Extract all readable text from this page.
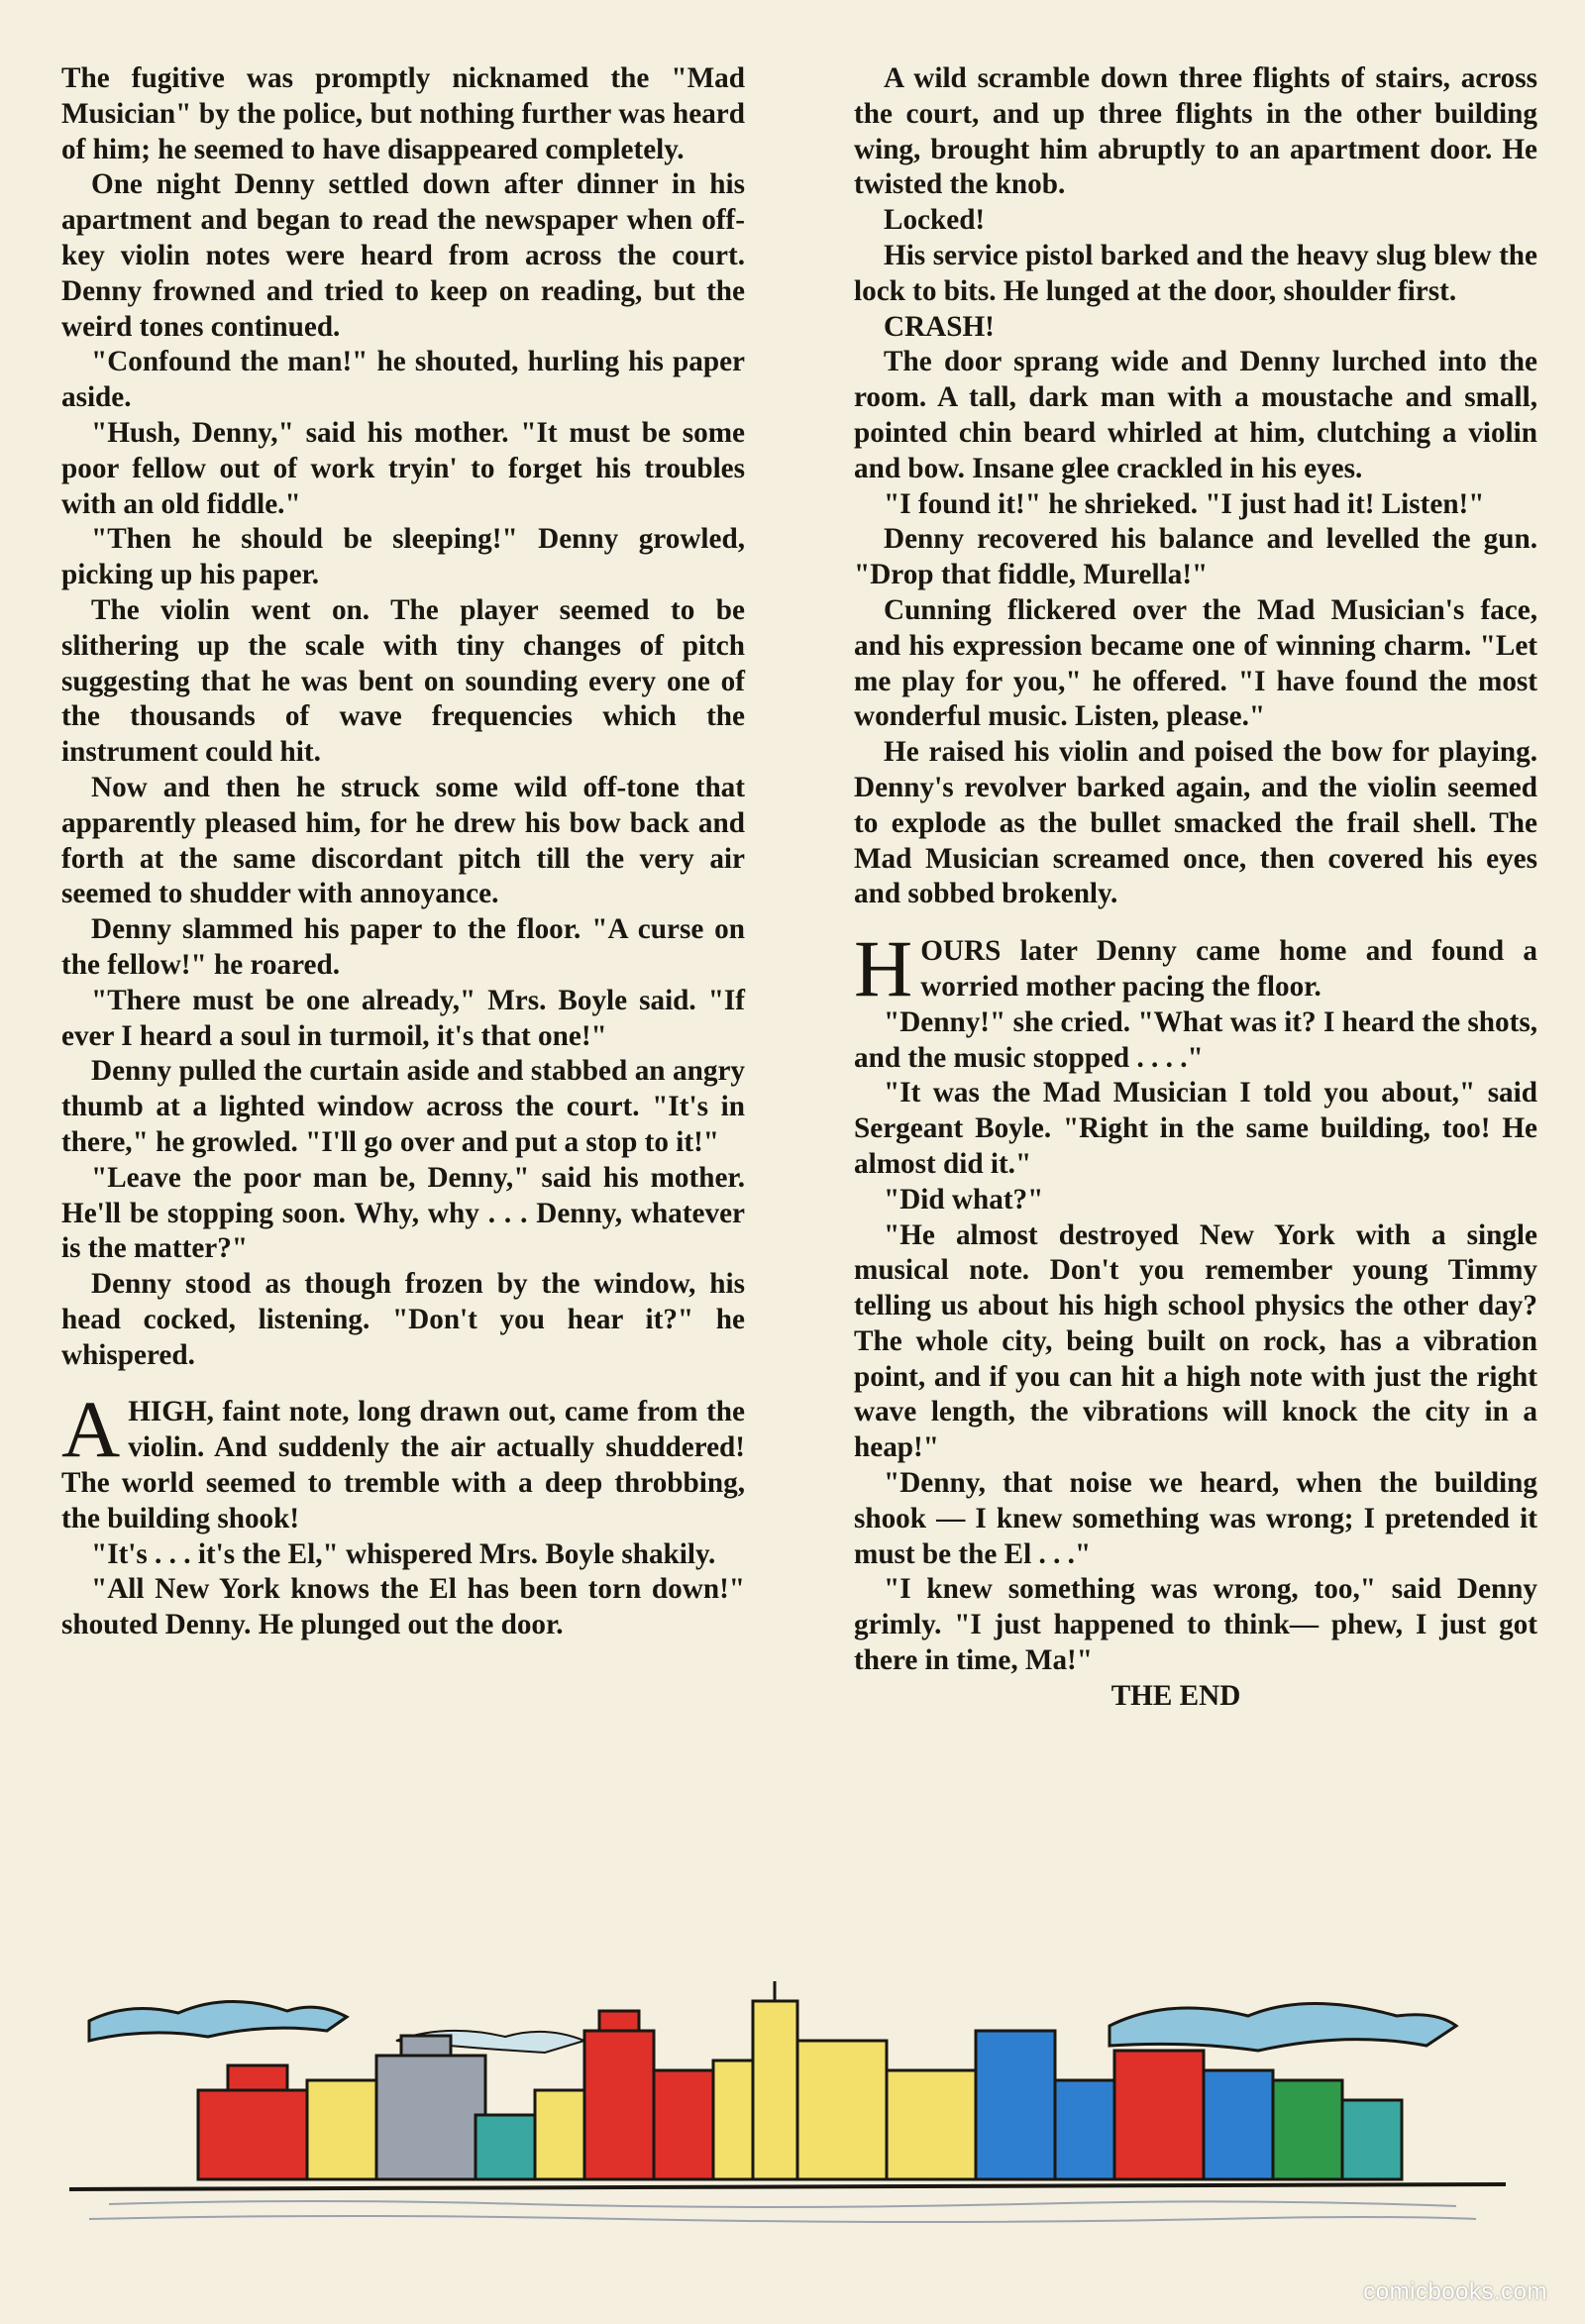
The fugitive was promptly nicknamed the "Mad Musician" by the police, but nothing further was heard of him; he seemed to have disappeared completely.

One night Denny settled down after dinner in his apartment and began to read the newspaper when off-key violin notes were heard from across the court. Denny frowned and tried to keep on reading, but the weird tones continued.

"Confound the man!" he shouted, hurling his paper aside.

"Hush, Denny," said his mother. "It must be some poor fellow out of work tryin' to forget his troubles with an old fiddle."

"Then he should be sleeping!" Denny growled, picking up his paper.

The violin went on. The player seemed to be slithering up the scale with tiny changes of pitch suggesting that he was bent on sounding every one of the thousands of wave frequencies which the instrument could hit.

Now and then he struck some wild off-tone that apparently pleased him, for he drew his bow back and forth at the same discordant pitch till the very air seemed to shudder with annoyance.

Denny slammed his paper to the floor. "A curse on the fellow!" he roared.

"There must be one already," Mrs. Boyle said. "If ever I heard a soul in turmoil, it's that one!"

Denny pulled the curtain aside and stabbed an angry thumb at a lighted window across the court. "It's in there," he growled. "I'll go over and put a stop to it!"

"Leave the poor man be, Denny," said his mother. He'll be stopping soon. Why, why . . . Denny, whatever is the matter?"

Denny stood as though frozen by the window, his head cocked, listening. "Don't you hear it?" he whispered.

AHIGH, faint note, long drawn out, came from the violin. And suddenly the air actually shuddered! The world seemed to tremble with a deep throbbing, the building shook!

"It's . . . it's the El," whispered Mrs. Boyle shakily.

"All New York knows the El has been torn down!" shouted Denny. He plunged out the door.

A wild scramble down three flights of stairs, across the court, and up three flights in the other building wing, brought him abruptly to an apartment door. He twisted the knob.

Locked!

His service pistol barked and the heavy slug blew the lock to bits. He lunged at the door, shoulder first.

CRASH!

The door sprang wide and Denny lurched into the room. A tall, dark man with a moustache and small, pointed chin beard whirled at him, clutching a violin and bow. Insane glee crackled in his eyes.

"I found it!" he shrieked. "I just had it! Listen!"

Denny recovered his balance and levelled the gun. "Drop that fiddle, Murella!"

Cunning flickered over the Mad Musician's face, and his expression became one of winning charm. "Let me play for you," he offered. "I have found the most wonderful music. Listen, please."

He raised his violin and poised the bow for playing. Denny's revolver barked again, and the violin seemed to explode as the bullet smacked the frail shell. The Mad Musician screamed once, then covered his eyes and sobbed brokenly.

HOURS later Denny came home and found a worried mother pacing the floor.

"Denny!" she cried. "What was it? I heard the shots, and the music stopped . . . ."

"It was the Mad Musician I told you about," said Sergeant Boyle. "Right in the same building, too! He almost did it."

"Did what?"

"He almost destroyed New York with a single musical note. Don't you remember young Timmy telling us about his high school physics the other day? The whole city, being built on rock, has a vibration point, and if you can hit a high note with just the right wave length, the vibrations will knock the city in a heap!"

"Denny, that noise we heard, when the building shook — I knew something was wrong; I pretended it must be the El . . ."

"I knew something was wrong, too," said Denny grimly. "I just happened to think— phew, I just got there in time, Ma!"

THE END

comicbooks.com
